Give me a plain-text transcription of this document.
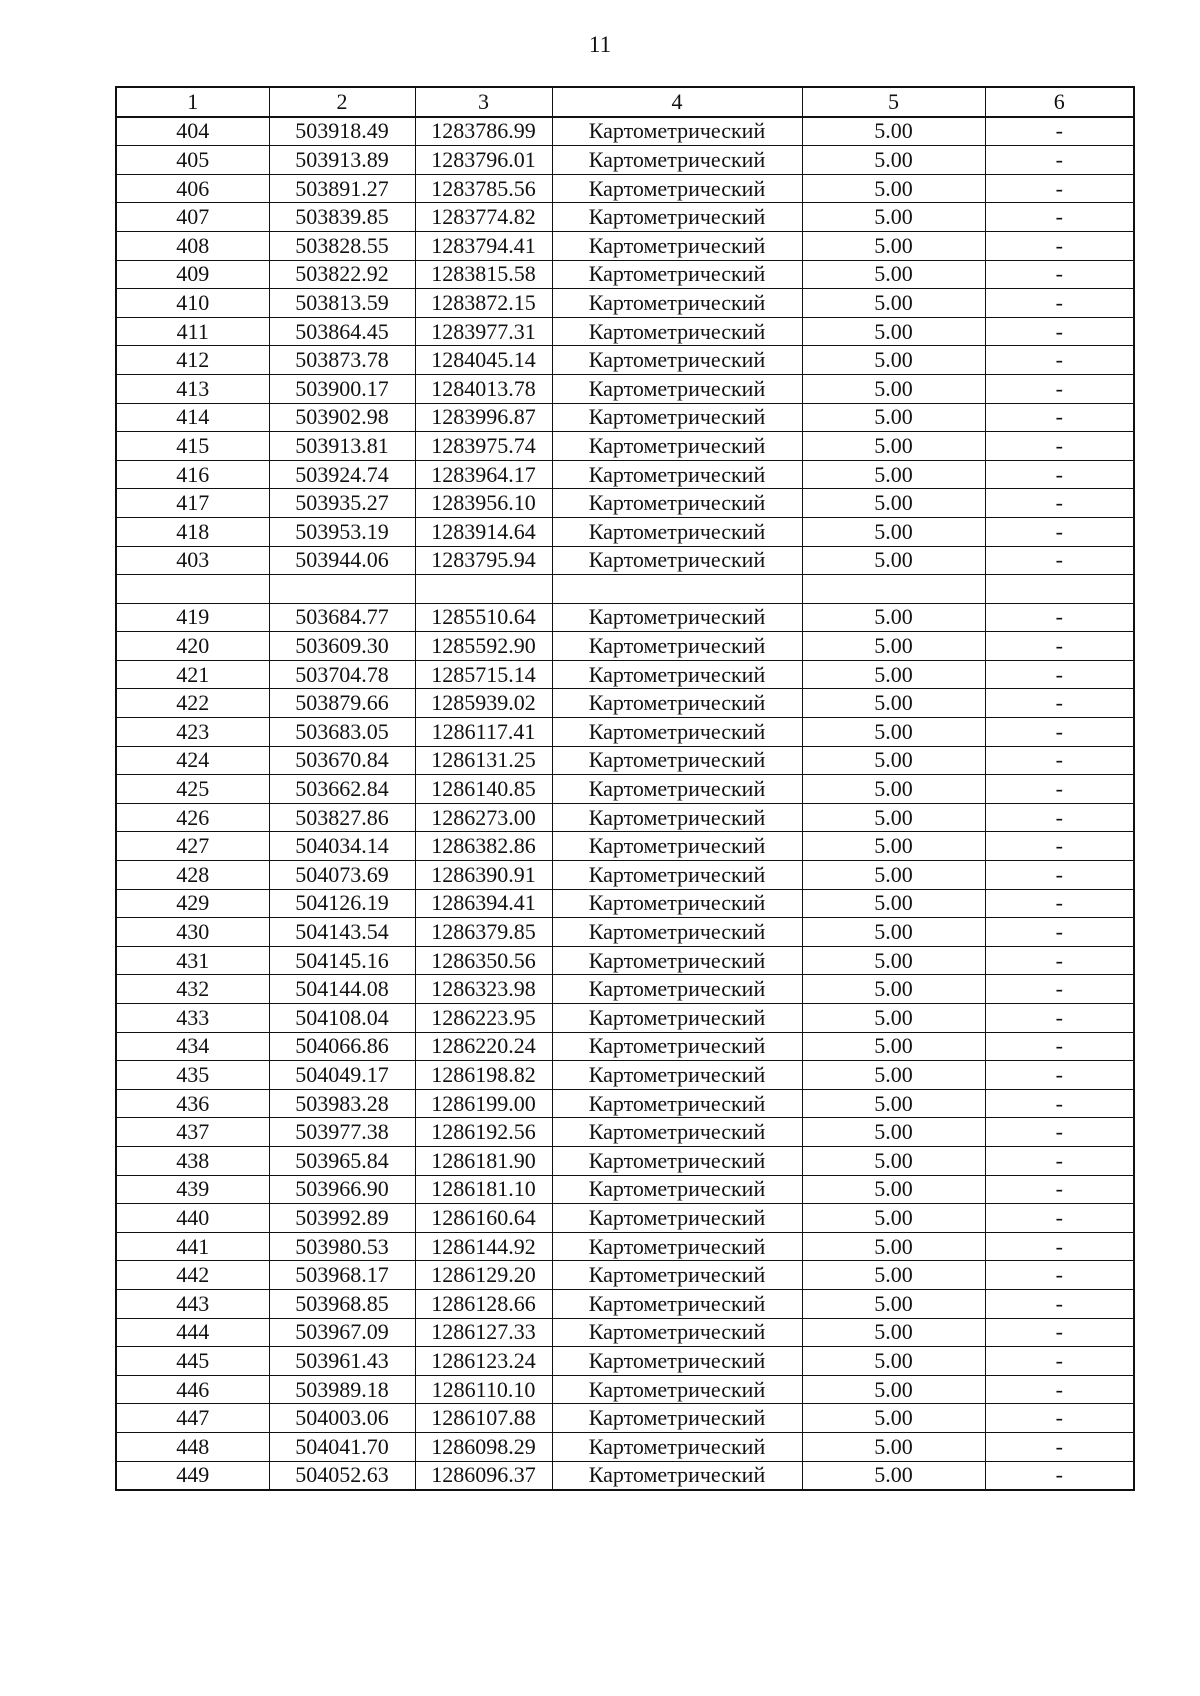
11
1	2	3	4	5	6
404	503918.49	1283786.99	Картометрический	5.00	-
405	503913.89	1283796.01	Картометрический	5.00	-
406	503891.27	1283785.56	Картометрический	5.00	-
407	503839.85	1283774.82	Картометрический	5.00	-
408	503828.55	1283794.41	Картометрический	5.00	-
409	503822.92	1283815.58	Картометрический	5.00	-
410	503813.59	1283872.15	Картометрический	5.00	-
411	503864.45	1283977.31	Картометрический	5.00	-
412	503873.78	1284045.14	Картометрический	5.00	-
413	503900.17	1284013.78	Картометрический	5.00	-
414	503902.98	1283996.87	Картометрический	5.00	-
415	503913.81	1283975.74	Картометрический	5.00	-
416	503924.74	1283964.17	Картометрический	5.00	-
417	503935.27	1283956.10	Картометрический	5.00	-
418	503953.19	1283914.64	Картометрический	5.00	-
403	503944.06	1283795.94	Картометрический	5.00	-

419	503684.77	1285510.64	Картометрический	5.00	-
420	503609.30	1285592.90	Картометрический	5.00	-
421	503704.78	1285715.14	Картометрический	5.00	-
422	503879.66	1285939.02	Картометрический	5.00	-
423	503683.05	1286117.41	Картометрический	5.00	-
424	503670.84	1286131.25	Картометрический	5.00	-
425	503662.84	1286140.85	Картометрический	5.00	-
426	503827.86	1286273.00	Картометрический	5.00	-
427	504034.14	1286382.86	Картометрический	5.00	-
428	504073.69	1286390.91	Картометрический	5.00	-
429	504126.19	1286394.41	Картометрический	5.00	-
430	504143.54	1286379.85	Картометрический	5.00	-
431	504145.16	1286350.56	Картометрический	5.00	-
432	504144.08	1286323.98	Картометрический	5.00	-
433	504108.04	1286223.95	Картометрический	5.00	-
434	504066.86	1286220.24	Картометрический	5.00	-
435	504049.17	1286198.82	Картометрический	5.00	-
436	503983.28	1286199.00	Картометрический	5.00	-
437	503977.38	1286192.56	Картометрический	5.00	-
438	503965.84	1286181.90	Картометрический	5.00	-
439	503966.90	1286181.10	Картометрический	5.00	-
440	503992.89	1286160.64	Картометрический	5.00	-
441	503980.53	1286144.92	Картометрический	5.00	-
442	503968.17	1286129.20	Картометрический	5.00	-
443	503968.85	1286128.66	Картометрический	5.00	-
444	503967.09	1286127.33	Картометрический	5.00	-
445	503961.43	1286123.24	Картометрический	5.00	-
446	503989.18	1286110.10	Картометрический	5.00	-
447	504003.06	1286107.88	Картометрический	5.00	-
448	504041.70	1286098.29	Картометрический	5.00	-
449	504052.63	1286096.37	Картометрический	5.00	-
